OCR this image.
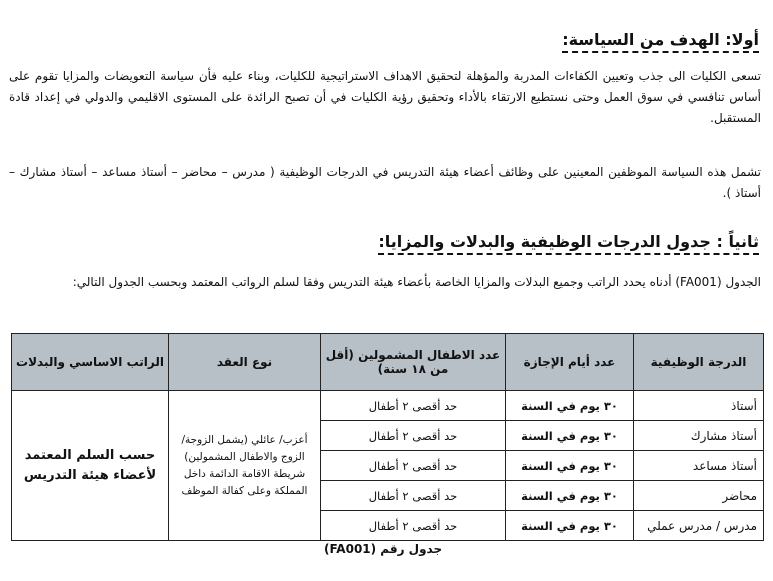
أولا: الهدف من السياسة:
تسعى الكليات الى جذب وتعيين الكفاءات المدربة والمؤهلة لتحقيق الاهداف الاستراتيجية للكليات، وبناء عليه فأن سياسة التعويضات والمزايا تقوم على أساس تنافسي في سوق العمل وحتى نستطيع الارتقاء بالأداء وتحقيق رؤية الكليات في أن تصبح الرائدة على المستوى الاقليمي والدولي في إعداد قادة المستقبل.
تشمل هذه السياسة الموظفين المعينين على وظائف أعضاء هيئة التدريس في الدرجات الوظيفية ( مدرس – محاضر – أستاذ مساعد – أستاذ مشارك – أستاذ ).
ثانياً : جدول الدرجات الوظيفية والبدلات والمزايا:
الجدول (FA001) أدناه يحدد الراتب وجميع البدلات والمزايا الخاصة بأعضاء هيئة التدريس وفقا لسلم الرواتب المعتمد وبحسب الجدول التالي:
الدرجة الوظيفية	عدد أيام الإجازة	عدد الاطفال المشمولين (أقل من ١٨ سنة)	نوع العقد	الراتب الاساسي والبدلات
أستاذ	٣٠ يوم في السنة	حد أقصى ٢ أطفال	أعزب/ عائلي (يشمل الزوجة/الزوج والاطفال المشمولين) شريطة الاقامة الدائمة داخل المملكة وعلى كفالة الموظف	حسب السلم المعتمد لأعضاء هيئة التدريس
أستاذ مشارك	٣٠ يوم في السنة	حد أقصى ٢ أطفال		
أستاذ مساعد	٣٠ يوم في السنة	حد أقصى ٢ أطفال		
محاضر	٣٠ يوم في السنة	حد أقصى ٢ أطفال		
مدرس / مدرس عملي	٣٠ يوم في السنة	حد أقصى ٢ أطفال		
جدول رقم (FA001)
